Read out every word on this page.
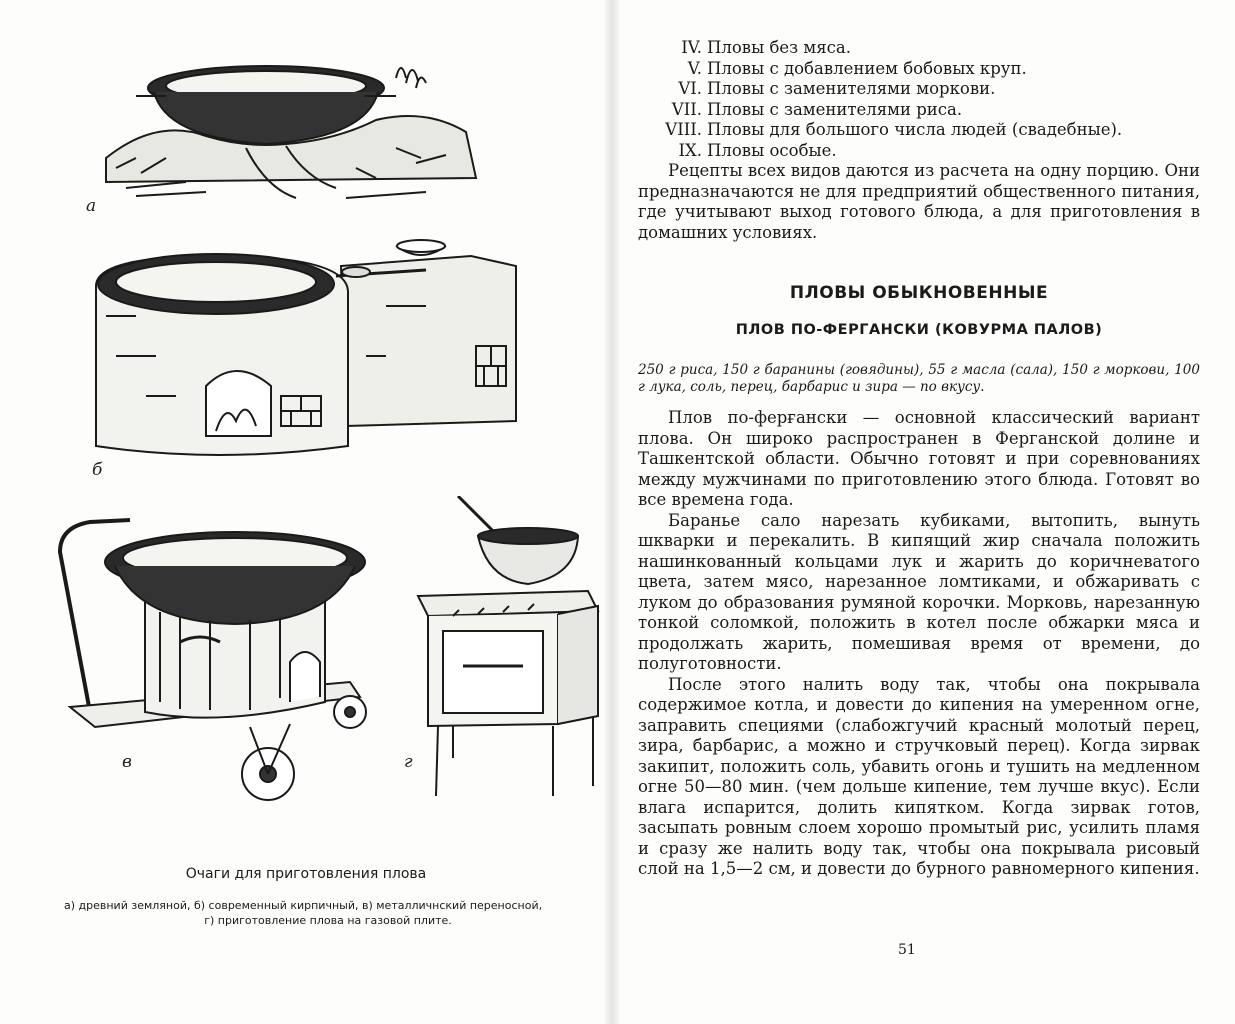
а
б
в	г
Очаги для приготовления плова
а) древний земляной, б) современный кирпичный, в) металличнский переносной,
г) приготовление плова на газовой плите.
IV. Пловы без мяса.
V. Пловы с добавлением бобовых круп.
VI. Пловы с заменителями моркови.
VII. Пловы с заменителями риса.
VIII. Пловы для большого числа людей (свадебные).
IX. Пловы особые.

Рецепты всех видов даются из расчета на одну порцию. Они предназначаются не для предприятий общественного питания, где учитывают выход готового блюда, а для приготовления в домашних условиях.

ПЛОВЫ ОБЫКНОВЕННЫЕ
ПЛОВ ПО-ФЕРГАНСКИ (КОВУРМА ПАЛОВ)

250 г риса, 150 г баранины (говядины), 55 г масла (сала), 150 г моркови, 100 г лука, соль, перец, барбарис и зира — по вкусу.

Плов по-ферғански — основной классический вариант плова. Он широко распространен в Ферганской долине и Ташкентской области. Обычно готовят и при соревнованиях между мужчинами по приготовлению этого блюда. Готовят во все времена года.

Баранье сало нарезать кубиками, вытопить, вынуть шкварки и перекалить. В кипящий жир сначала положить нашинкованный кольцами лук и жарить до коричневатого цвета, затем мясо, нарезанное ломтиками, и обжаривать с луком до образования румяной корочки. Морковь, нарезанную тонкой соломкой, положить в котел после обжарки мяса и продолжать жарить, помешивая время от времени, до полуготовности.

После этого налить воду так, чтобы она покрывала содержимое котла, и довести до кипения на умеренном огне, заправить специями (слабожгучий красный молотый перец, зира, барбарис, а можно и стручковый перец). Когда зирвак закипит, положить соль, убавить огонь и тушить на медленном огне 50—80 мин. (чем дольше кипение, тем лучше вкус). Если влага испарится, долить кипятком. Когда зирвак готов, засыпать ровным слоем хорошо промытый рис, усилить пламя и сразу же налить воду так, чтобы она покрывала рисовый слой на 1,5—2 см, и довести до бурного равномерного кипения.

51
